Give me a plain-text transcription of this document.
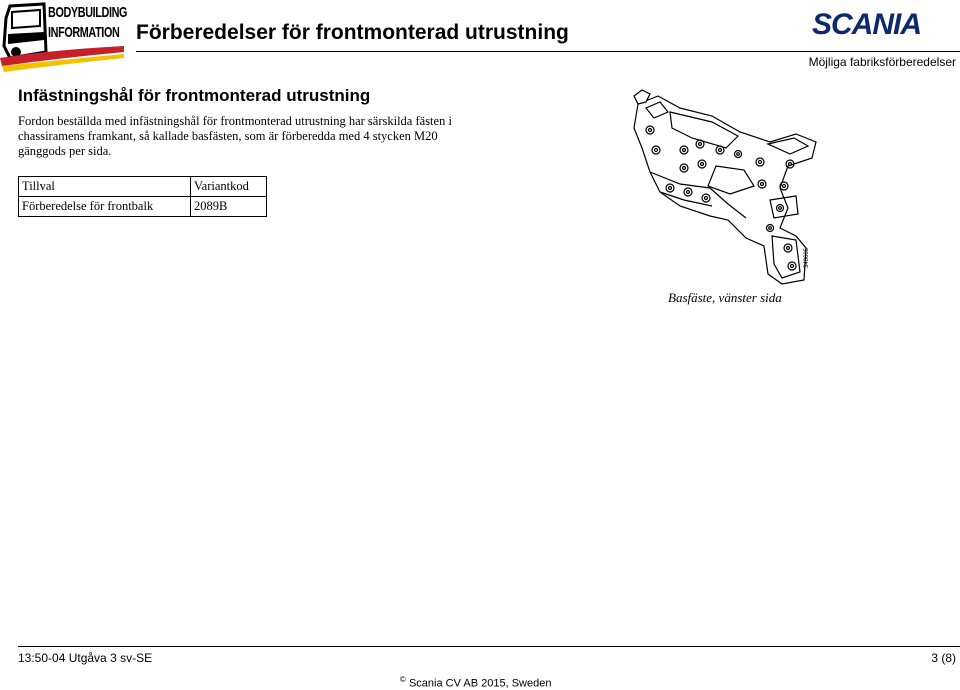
BODYBUILDING
INFORMATION Förberedelser för frontmonterad utrustning	SCANIA
Möjliga fabriksförberedelser
Infästningshål för frontmonterad utrustning
Fordon beställda med infästningshål för frontmonterad utrustning har särskilda fästen i chassiramens framkant, så kallade basfästen, som är förberedda med 4 stycken M20 gänggods per sida.
Tillval	Variantkod
Förberedelse för frontbalk	2089B
348605
Basfäste, vänster sida
13:50-04 Utgåva 3 sv-SE	3 (8)
© Scania CV AB 2015, Sweden
